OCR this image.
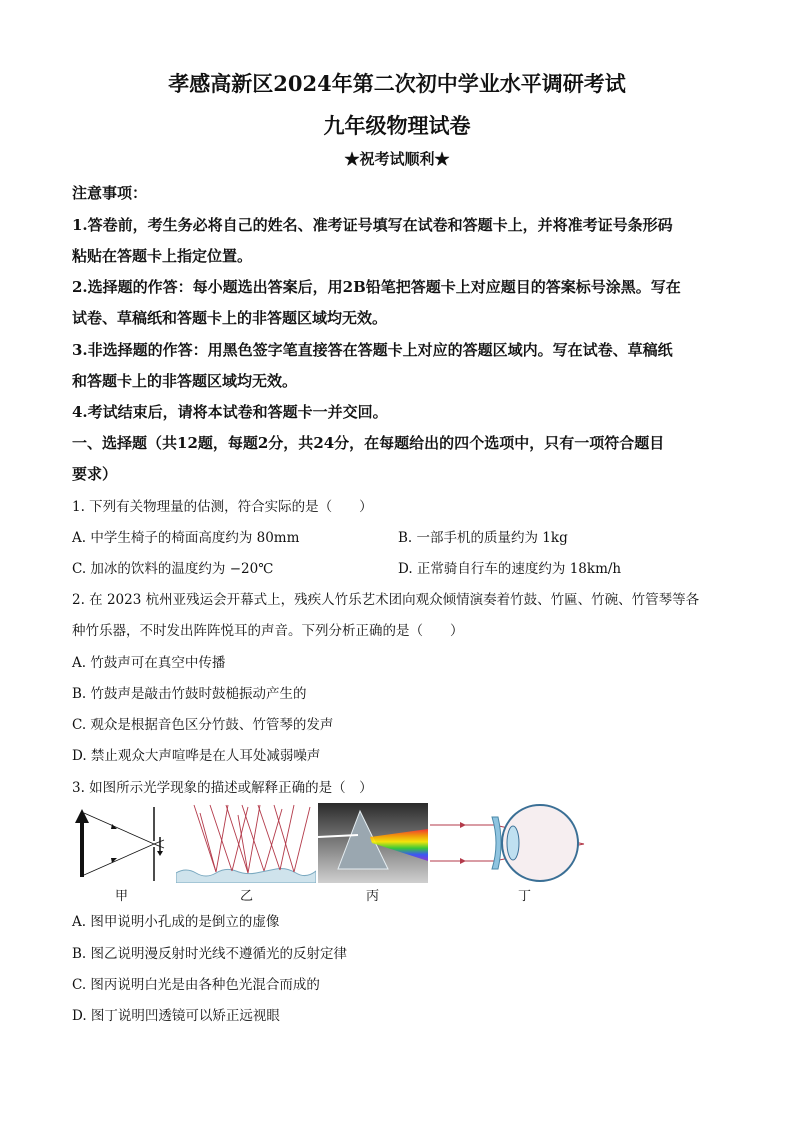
孝感高新区2024年第二次初中学业水平调研考试
九年级物理试卷
★祝考试顺利★
注意事项：
1.答卷前，考生务必将自己的姓名、准考证号填写在试卷和答题卡上，并将准考证号条形码
粘贴在答题卡上指定位置。
2.选择题的作答：每小题选出答案后，用2B铅笔把答题卡上对应题目的答案标号涂黑。写在
试卷、草稿纸和答题卡上的非答题区域均无效。
3.非选择题的作答：用黑色签字笔直接答在答题卡上对应的答题区域内。写在试卷、草稿纸
和答题卡上的非答题区域均无效。
4.考试结束后，请将本试卷和答题卡一并交回。
一、选择题（共12题，每题2分，共24分，在每题给出的四个选项中，只有一项符合题目
要求）
1. 下列有关物理量的估测，符合实际的是（　　）
A. 中学生椅子的椅面高度约为 80mm	B. 一部手机的质量约为 1kg
C. 加冰的饮料的温度约为 −20℃	D. 正常骑自行车的速度约为 18km/h
2. 在 2023 杭州亚残运会开幕式上，残疾人竹乐艺术团向观众倾情演奏着竹鼓、竹匾、竹碗、竹管琴等各
种竹乐器，不时发出阵阵悦耳的声音。下列分析正确的是（　　）
A. 竹鼓声可在真空中传播
B. 竹鼓声是敲击竹鼓时鼓槌振动产生的
C. 观众是根据音色区分竹鼓、竹管琴的发声
D. 禁止观众大声喧哗是在人耳处减弱噪声
3. 如图所示光学现象的描述或解释正确的是（　）
甲	乙	丙	丁
A. 图甲说明小孔成的是倒立的虚像
B. 图乙说明漫反射时光线不遵循光的反射定律
C. 图丙说明白光是由各种色光混合而成的
D. 图丁说明凹透镜可以矫正远视眼
